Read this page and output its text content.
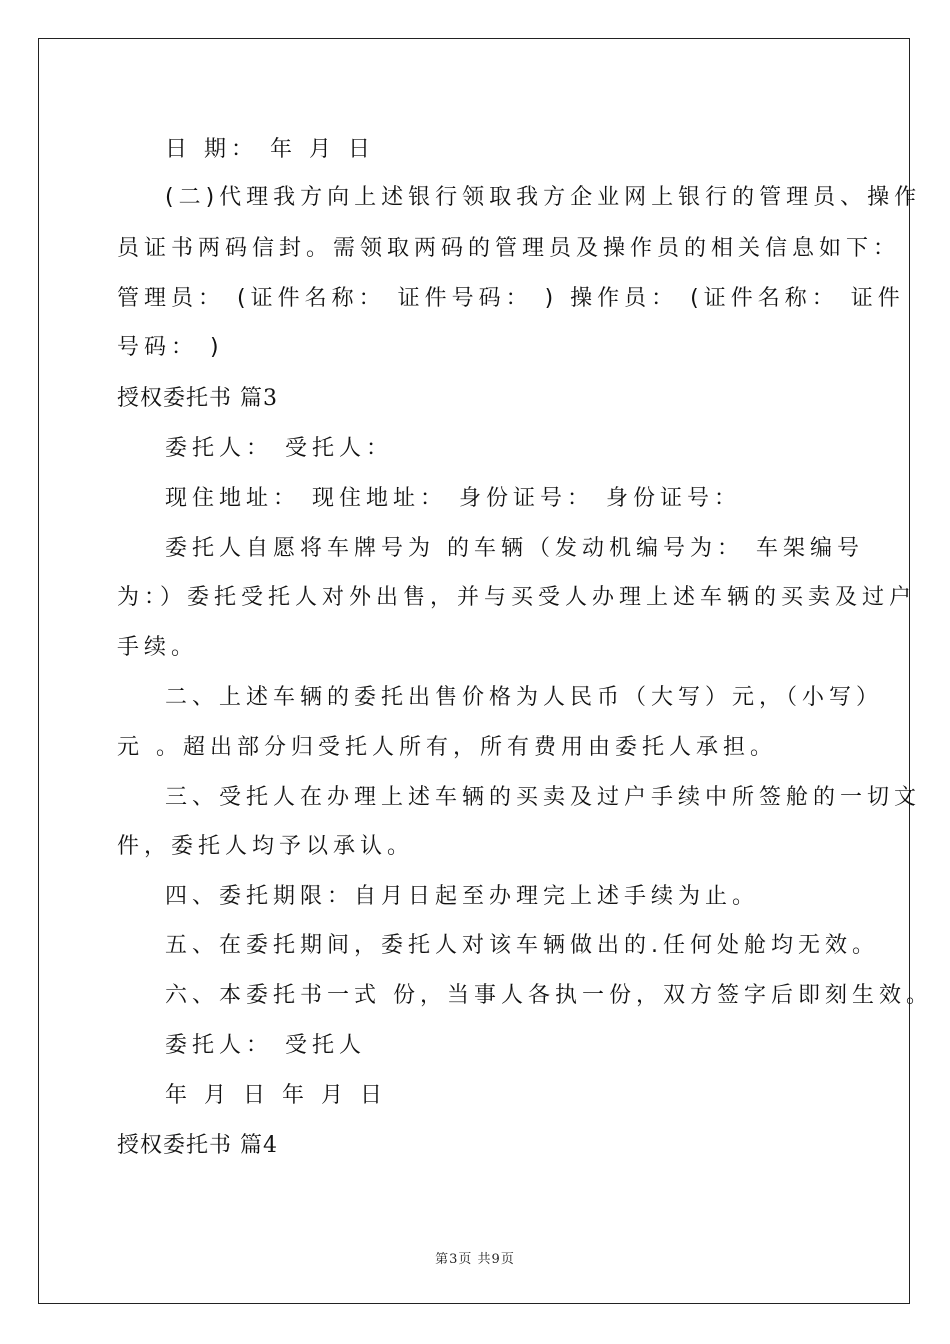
日 期： 年 月 日
(二)代理我方向上述银行领取我方企业网上银行的管理员、操作
员证书两码信封。需领取两码的管理员及操作员的相关信息如下：
管理员： (证件名称： 证件号码： ) 操作员： (证件名称： 证件
号码： )
授权委托书 篇3
委托人： 受托人：
现住地址： 现住地址： 身份证号： 身份证号：
委托人自愿将车牌号为 的车辆（发动机编号为： 车架编号
为：）委托受托人对外出售，并与买受人办理上述车辆的买卖及过户
手续。
二、上述车辆的委托出售价格为人民币（大写）元，（小写）
元 。超出部分归受托人所有，所有费用由委托人承担。
三、受托人在办理上述车辆的买卖及过户手续中所签舱的一切文
件，委托人均予以承认。
四、委托期限：自月日起至办理完上述手续为止。
五、在委托期间，委托人对该车辆做出的.任何处舱均无效。
六、本委托书一式 份，当事人各执一份，双方签字后即刻生效。
委托人： 受托人
年 月 日 年 月 日
授权委托书 篇4
第3页 共9页
